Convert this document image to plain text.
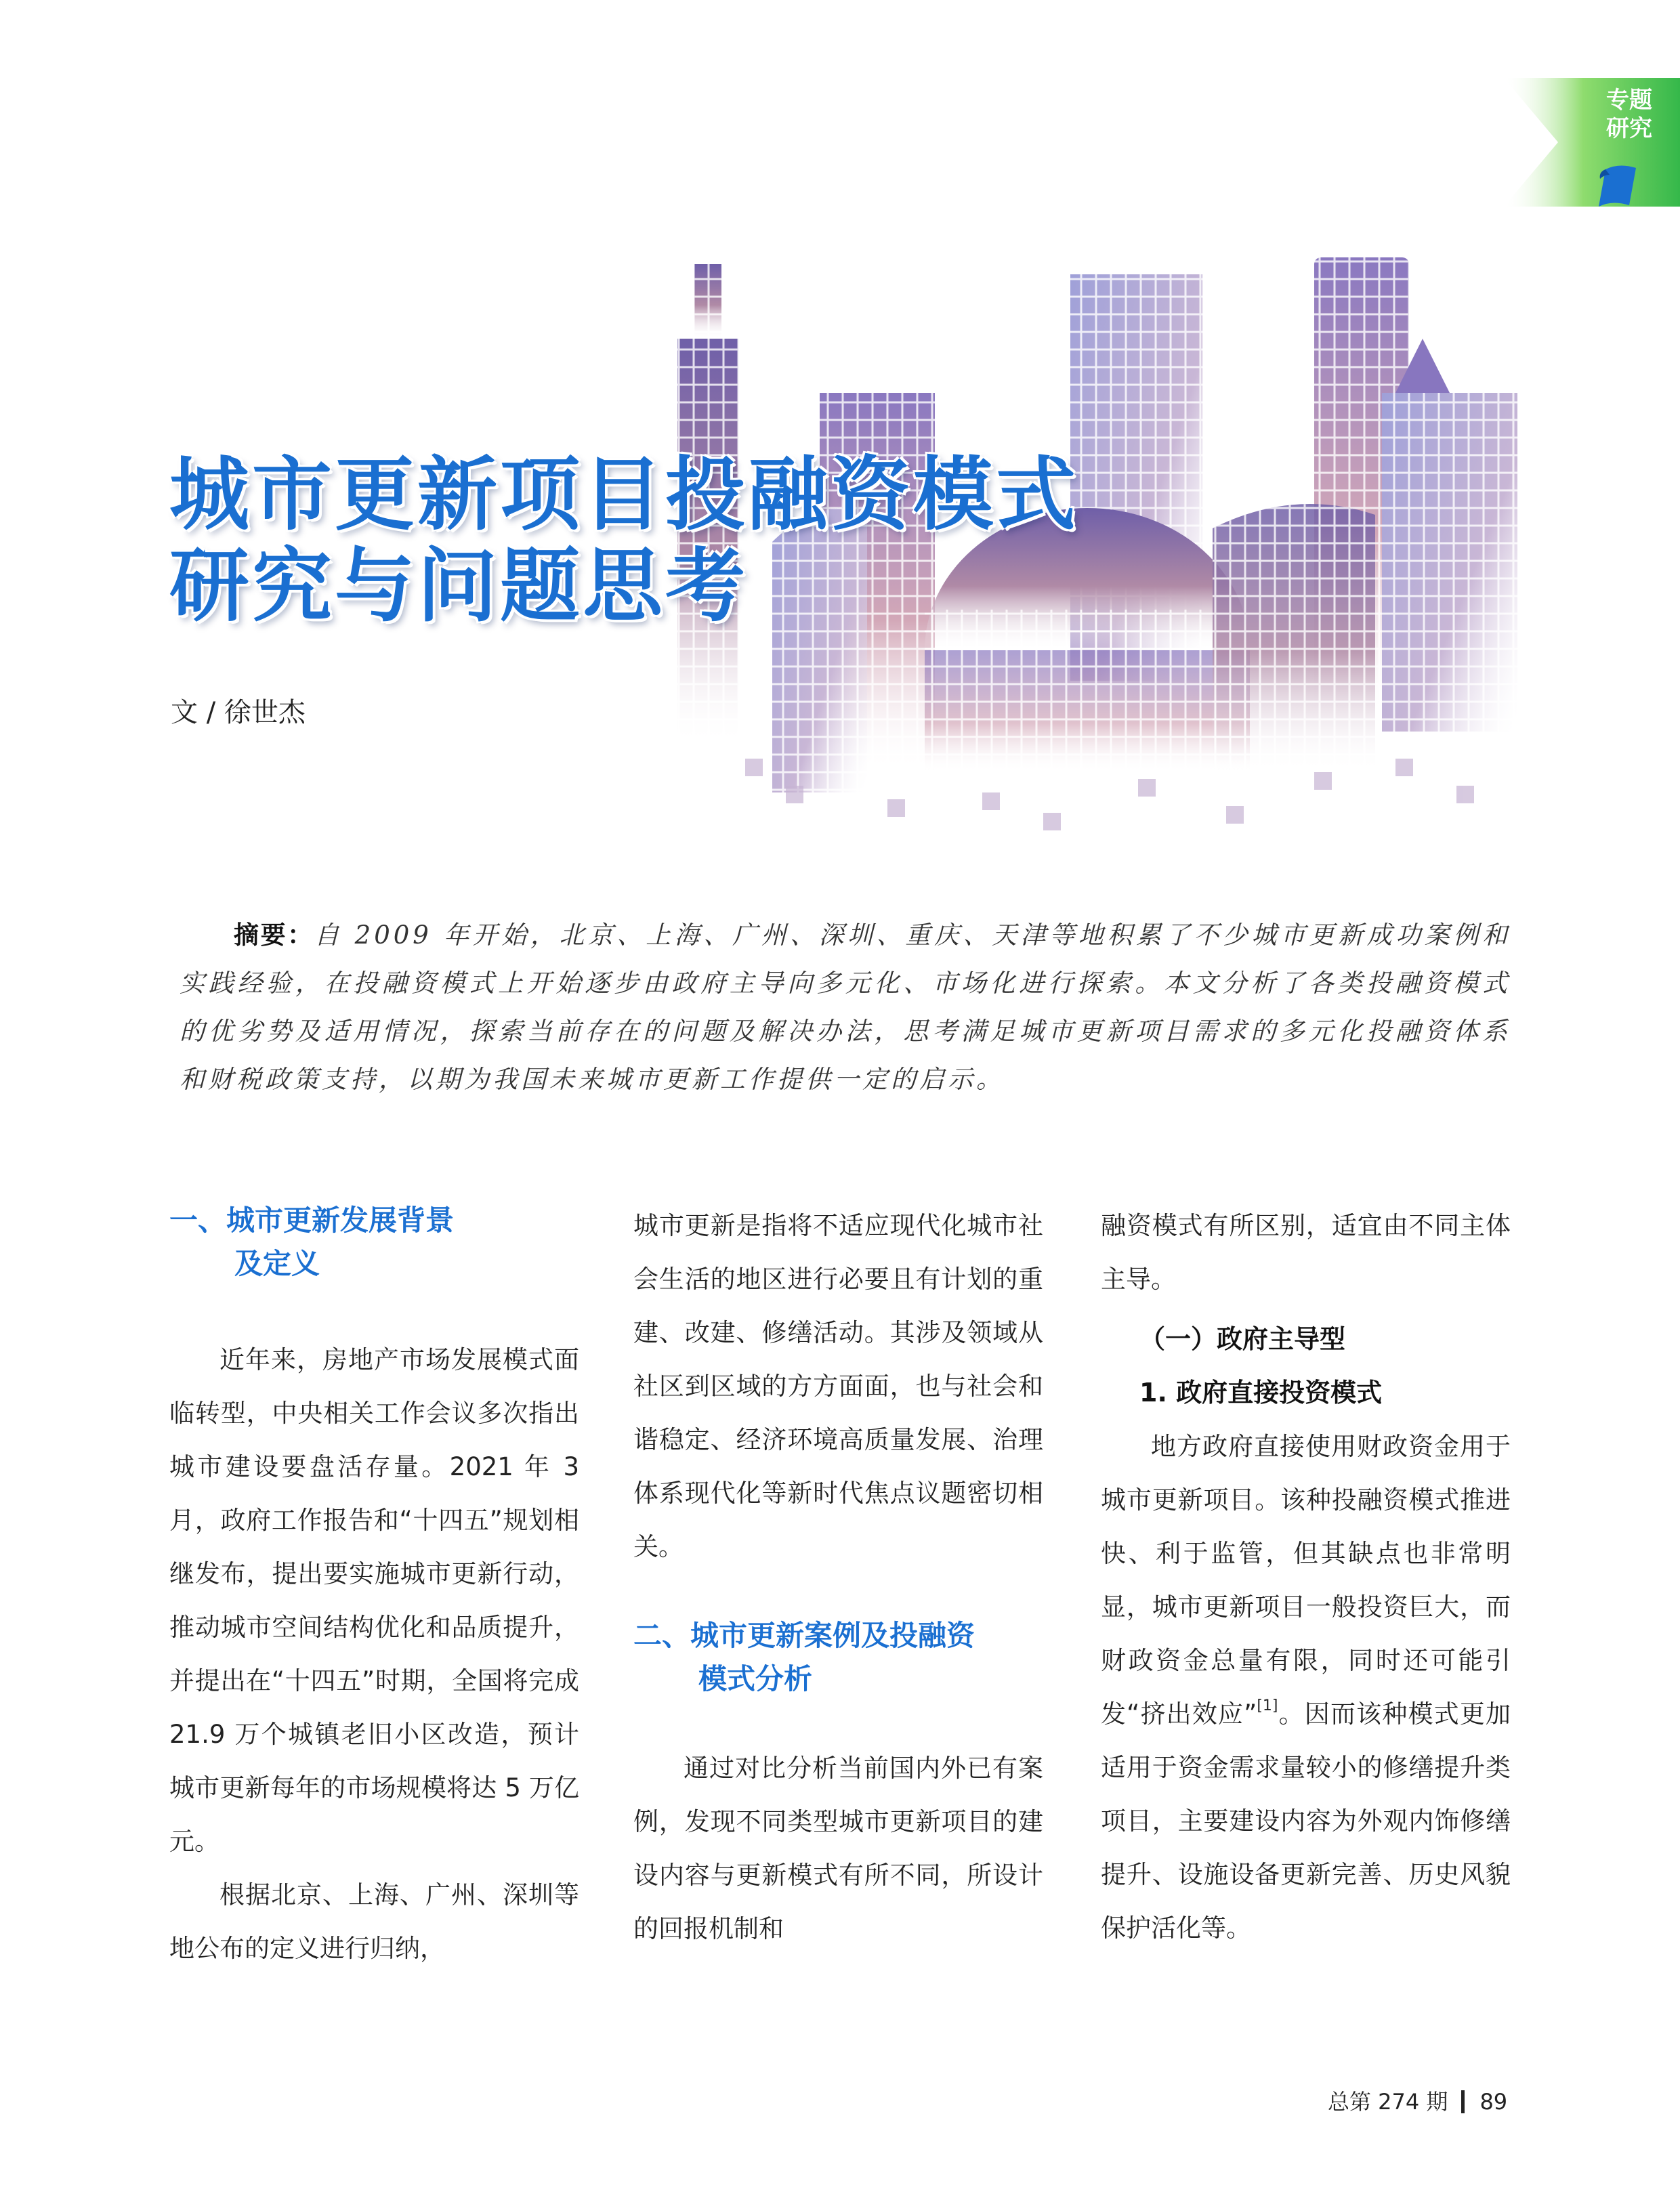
专题
研究
城市更新项目投融资模式
研究与问题思考
文 / 徐世杰
摘要：自 2009 年开始，北京、上海、广州、深圳、重庆、天津等地积累了不少城市更新成功案例和实践经验，在投融资模式上开始逐步由政府主导向多元化、市场化进行探索。本文分析了各类投融资模式的优劣势及适用情况，探索当前存在的问题及解决办法，思考满足城市更新项目需求的多元化投融资体系和财税政策支持，以期为我国未来城市更新工作提供一定的启示。
一、城市更新发展背景
及定义

近年来，房地产市场发展模式面临转型，中央相关工作会议多次指出城市建设要盘活存量。2021 年 3 月，政府工作报告和“十四五”规划相继发布，提出要实施城市更新行动，推动城市空间结构优化和品质提升，并提出在“十四五”时期，全国将完成 21.9 万个城镇老旧小区改造，预计城市更新每年的市场规模将达 5 万亿元。

根据北京、上海、广州、深圳等地公布的定义进行归纳，

城市更新是指将不适应现代化城市社会生活的地区进行必要且有计划的重建、改建、修缮活动。其涉及领域从社区到区域的方方面面，也与社会和谐稳定、经济环境高质量发展、治理体系现代化等新时代焦点议题密切相关。

二、城市更新案例及投融资
模式分析

通过对比分析当前国内外已有案例，发现不同类型城市更新项目的建设内容与更新模式有所不同，所设计的回报机制和

融资模式有所区别，适宜由不同主体主导。

（一）政府主导型

1. 政府直接投资模式

地方政府直接使用财政资金用于城市更新项目。该种投融资模式推进快、利于监管，但其缺点也非常明显，城市更新项目一般投资巨大，而财政资金总量有限，同时还可能引发“挤出效应”[1]。因而该种模式更加适用于资金需求量较小的修缮提升类项目，主要建设内容为外观内饰修缮提升、设施设备更新完善、历史风貌保护活化等。

总第 274 期 89
